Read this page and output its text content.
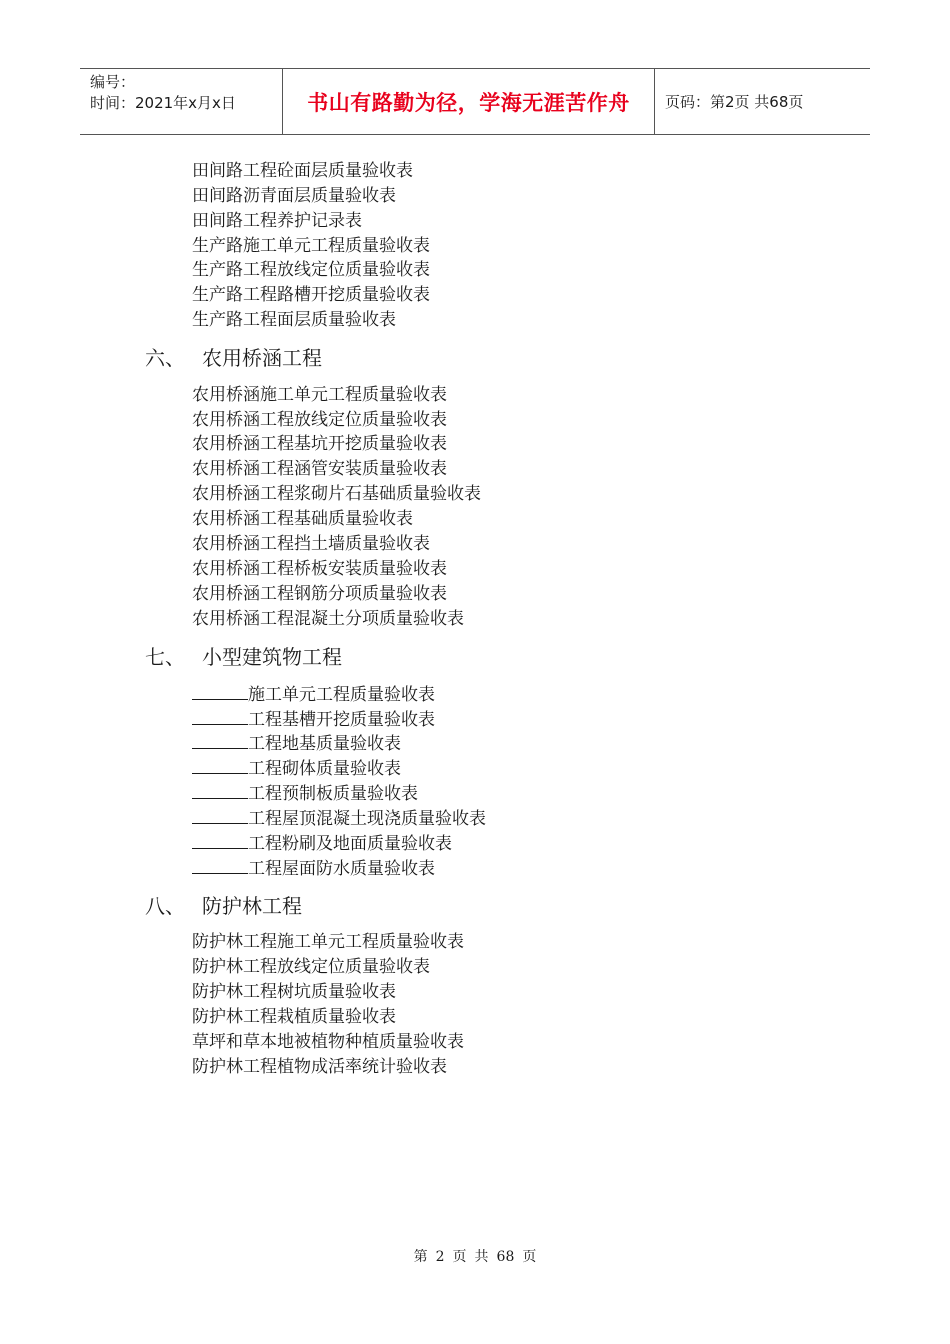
编号：
时间：2021年x月x日	书山有路勤为径，学海无涯苦作舟 页码：第2页 共68页
田间路工程砼面层质量验收表
田间路沥青面层质量验收表
田间路工程养护记录表
生产路施工单元工程质量验收表
生产路工程放线定位质量验收表
生产路工程路槽开挖质量验收表
生产路工程面层质量验收表
六、 农用桥涵工程
农用桥涵施工单元工程质量验收表
农用桥涵工程放线定位质量验收表
农用桥涵工程基坑开挖质量验收表
农用桥涵工程涵管安装质量验收表
农用桥涵工程浆砌片石基础质量验收表
农用桥涵工程基础质量验收表
农用桥涵工程挡土墙质量验收表
农用桥涵工程桥板安装质量验收表
农用桥涵工程钢筋分项质量验收表
农用桥涵工程混凝土分项质量验收表
七、 小型建筑物工程
施工单元工程质量验收表
工程基槽开挖质量验收表
工程地基质量验收表
工程砌体质量验收表
工程预制板质量验收表
工程屋顶混凝土现浇质量验收表
工程粉刷及地面质量验收表
工程屋面防水质量验收表
八、 防护林工程
防护林工程施工单元工程质量验收表
防护林工程放线定位质量验收表
防护林工程树坑质量验收表
防护林工程栽植质量验收表
草坪和草本地被植物种植质量验收表
防护林工程植物成活率统计验收表
第 2 页 共 68 页
